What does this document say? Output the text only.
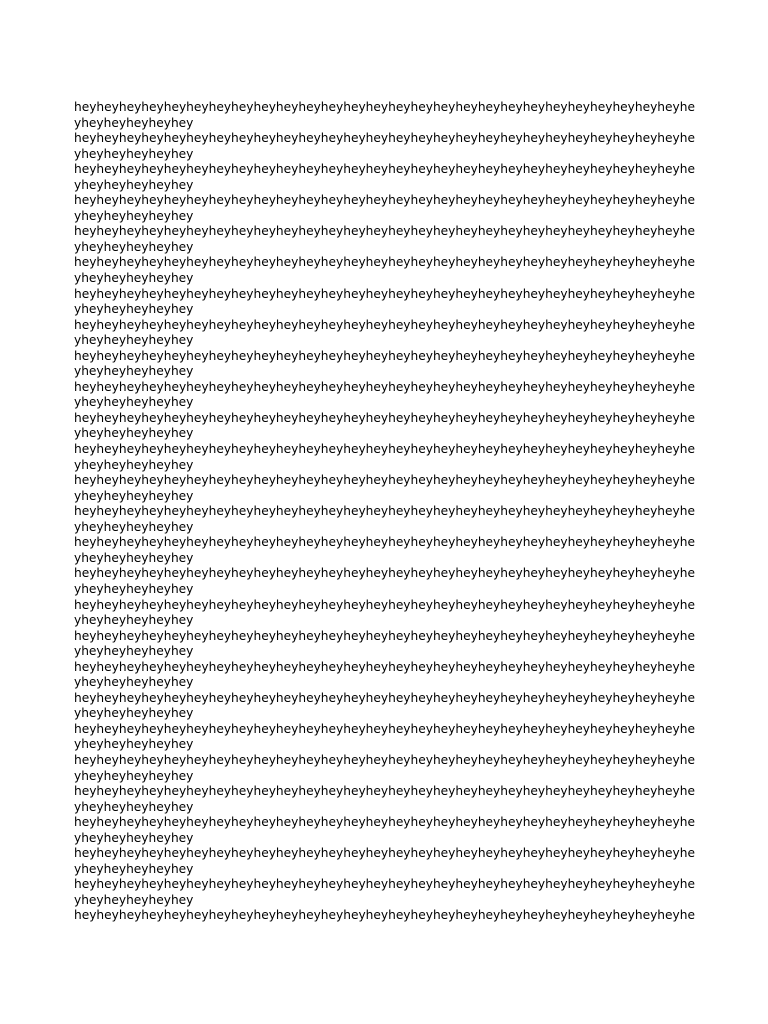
heyheyheyheyheyheyheyheyheyheyheyheyheyheyheyheyheyheyheyheyheyheyheyheyheyheyheyhe
yheyheyheyheyhey
heyheyheyheyheyheyheyheyheyheyheyheyheyheyheyheyheyheyheyheyheyheyheyheyheyheyheyhe
yheyheyheyheyhey
heyheyheyheyheyheyheyheyheyheyheyheyheyheyheyheyheyheyheyheyheyheyheyheyheyheyheyhe
yheyheyheyheyhey
heyheyheyheyheyheyheyheyheyheyheyheyheyheyheyheyheyheyheyheyheyheyheyheyheyheyheyhe
yheyheyheyheyhey
heyheyheyheyheyheyheyheyheyheyheyheyheyheyheyheyheyheyheyheyheyheyheyheyheyheyheyhe
yheyheyheyheyhey
heyheyheyheyheyheyheyheyheyheyheyheyheyheyheyheyheyheyheyheyheyheyheyheyheyheyheyhe
yheyheyheyheyhey
heyheyheyheyheyheyheyheyheyheyheyheyheyheyheyheyheyheyheyheyheyheyheyheyheyheyheyhe
yheyheyheyheyhey
heyheyheyheyheyheyheyheyheyheyheyheyheyheyheyheyheyheyheyheyheyheyheyheyheyheyheyhe
yheyheyheyheyhey
heyheyheyheyheyheyheyheyheyheyheyheyheyheyheyheyheyheyheyheyheyheyheyheyheyheyheyhe
yheyheyheyheyhey
heyheyheyheyheyheyheyheyheyheyheyheyheyheyheyheyheyheyheyheyheyheyheyheyheyheyheyhe
yheyheyheyheyhey
heyheyheyheyheyheyheyheyheyheyheyheyheyheyheyheyheyheyheyheyheyheyheyheyheyheyheyhe
yheyheyheyheyhey
heyheyheyheyheyheyheyheyheyheyheyheyheyheyheyheyheyheyheyheyheyheyheyheyheyheyheyhe
yheyheyheyheyhey
heyheyheyheyheyheyheyheyheyheyheyheyheyheyheyheyheyheyheyheyheyheyheyheyheyheyheyhe
yheyheyheyheyhey
heyheyheyheyheyheyheyheyheyheyheyheyheyheyheyheyheyheyheyheyheyheyheyheyheyheyheyhe
yheyheyheyheyhey
heyheyheyheyheyheyheyheyheyheyheyheyheyheyheyheyheyheyheyheyheyheyheyheyheyheyheyhe
yheyheyheyheyhey
heyheyheyheyheyheyheyheyheyheyheyheyheyheyheyheyheyheyheyheyheyheyheyheyheyheyheyhe
yheyheyheyheyhey
heyheyheyheyheyheyheyheyheyheyheyheyheyheyheyheyheyheyheyheyheyheyheyheyheyheyheyhe
yheyheyheyheyhey
heyheyheyheyheyheyheyheyheyheyheyheyheyheyheyheyheyheyheyheyheyheyheyheyheyheyheyhe
yheyheyheyheyhey
heyheyheyheyheyheyheyheyheyheyheyheyheyheyheyheyheyheyheyheyheyheyheyheyheyheyheyhe
yheyheyheyheyhey
heyheyheyheyheyheyheyheyheyheyheyheyheyheyheyheyheyheyheyheyheyheyheyheyheyheyheyhe
yheyheyheyheyhey
heyheyheyheyheyheyheyheyheyheyheyheyheyheyheyheyheyheyheyheyheyheyheyheyheyheyheyhe
yheyheyheyheyhey
heyheyheyheyheyheyheyheyheyheyheyheyheyheyheyheyheyheyheyheyheyheyheyheyheyheyheyhe
yheyheyheyheyhey
heyheyheyheyheyheyheyheyheyheyheyheyheyheyheyheyheyheyheyheyheyheyheyheyheyheyheyhe
yheyheyheyheyhey
heyheyheyheyheyheyheyheyheyheyheyheyheyheyheyheyheyheyheyheyheyheyheyheyheyheyheyhe
yheyheyheyheyhey
heyheyheyheyheyheyheyheyheyheyheyheyheyheyheyheyheyheyheyheyheyheyheyheyheyheyheyhe
yheyheyheyheyhey
heyheyheyheyheyheyheyheyheyheyheyheyheyheyheyheyheyheyheyheyheyheyheyheyheyheyheyhe
yheyheyheyheyhey
heyheyheyheyheyheyheyheyheyheyheyheyheyheyheyheyheyheyheyheyheyheyheyheyheyheyheyhe
